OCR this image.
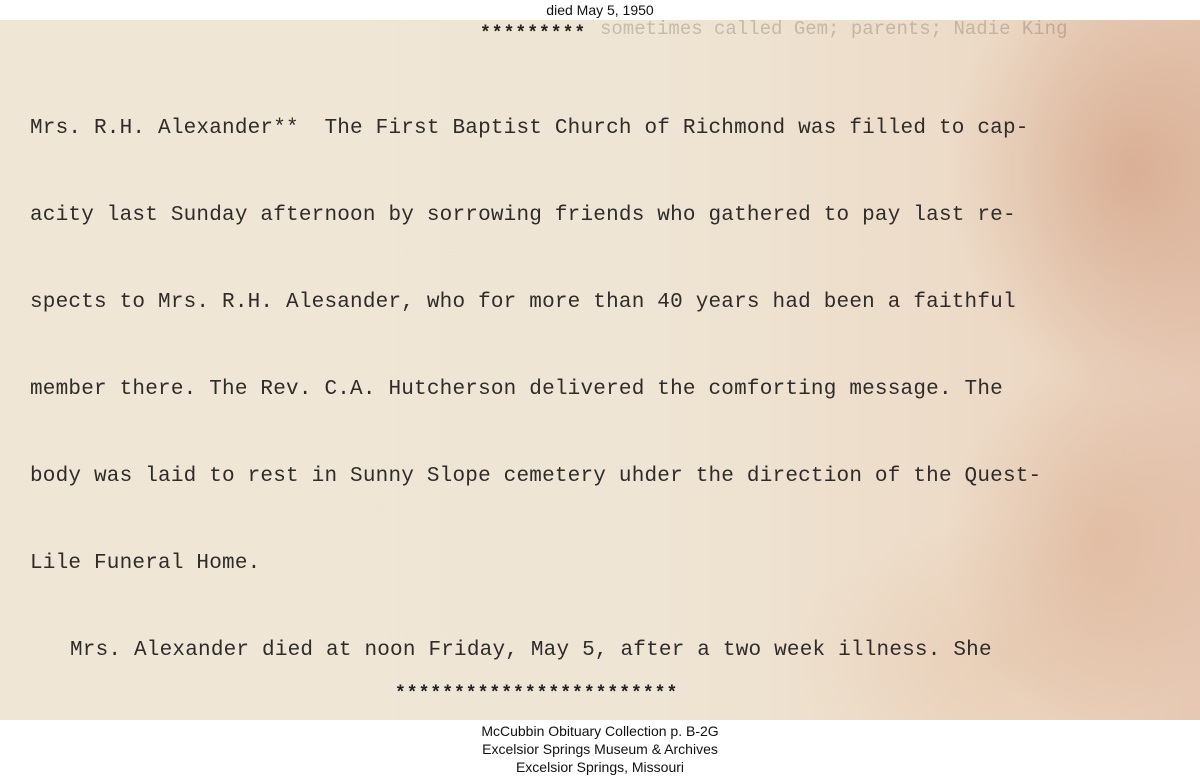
died May 5, 1950
sometimes called Gem; parents; Nadie King
*********

Mrs. R.H. Alexander**  The First Baptist Church of Richmond was filled to cap-

acity last Sunday afternoon by sorrowing friends who gathered to pay last re-

spects to Mrs. R.H. Alesander, who for more than 40 years had been a faithful

member there. The Rev. C.A. Hutcherson delivered the comforting message. The

body was laid to rest in Sunny Slope cemetery uhder the direction of the Quest-

Lile Funeral Home.

Mrs. Alexander died at noon Friday, May 5, after a two week illness. She

************************
McCubbin Obituary Collection p. B-2G
Excelsior Springs Museum & Archives
Excelsior Springs, Missouri
